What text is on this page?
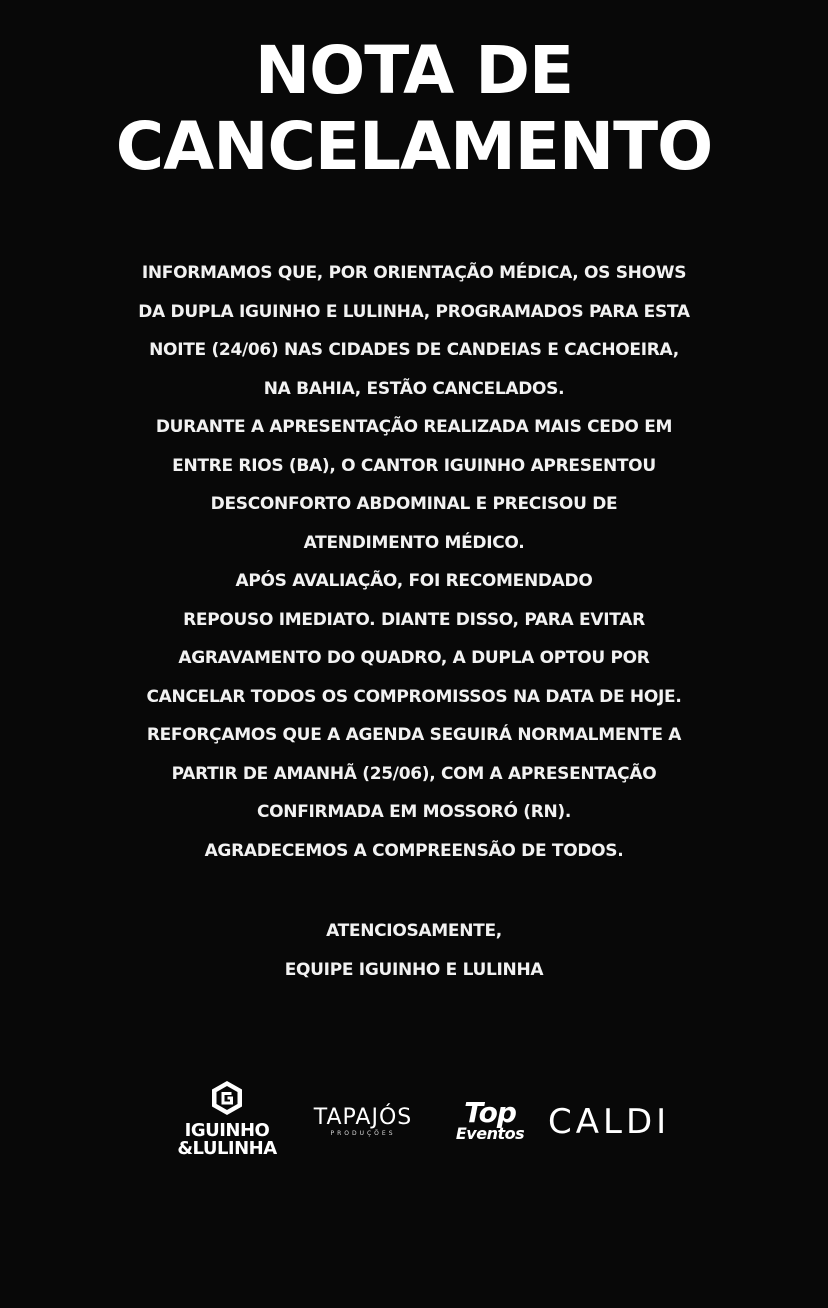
NOTA DE
CANCELAMENTO
INFORMAMOS QUE, POR ORIENTAÇÃO MÉDICA, OS SHOWS
DA DUPLA IGUINHO E LULINHA, PROGRAMADOS PARA ESTA
NOITE (24/06) NAS CIDADES DE CANDEIAS E CACHOEIRA,
NA BAHIA, ESTÃO CANCELADOS.
DURANTE A APRESENTAÇÃO REALIZADA MAIS CEDO EM
ENTRE RIOS (BA), O CANTOR IGUINHO APRESENTOU
DESCONFORTO ABDOMINAL E PRECISOU DE
ATENDIMENTO MÉDICO.
APÓS AVALIAÇÃO, FOI RECOMENDADO
REPOUSO IMEDIATO. DIANTE DISSO, PARA EVITAR
AGRAVAMENTO DO QUADRO, A DUPLA OPTOU POR
CANCELAR TODOS OS COMPROMISSOS NA DATA DE HOJE.
REFORÇAMOS QUE A AGENDA SEGUIRÁ NORMALMENTE A
PARTIR DE AMANHÃ (25/06), COM A APRESENTAÇÃO
CONFIRMADA EM MOSSORÓ (RN).
AGRADECEMOS A COMPREENSÃO DE TODOS.
ATENCIOSAMENTE,
EQUIPE IGUINHO E LULINHA
IGUINHO
&LULINHA
TAPAJÓS
PRODUÇÕES
Top
Eventos CALDI
